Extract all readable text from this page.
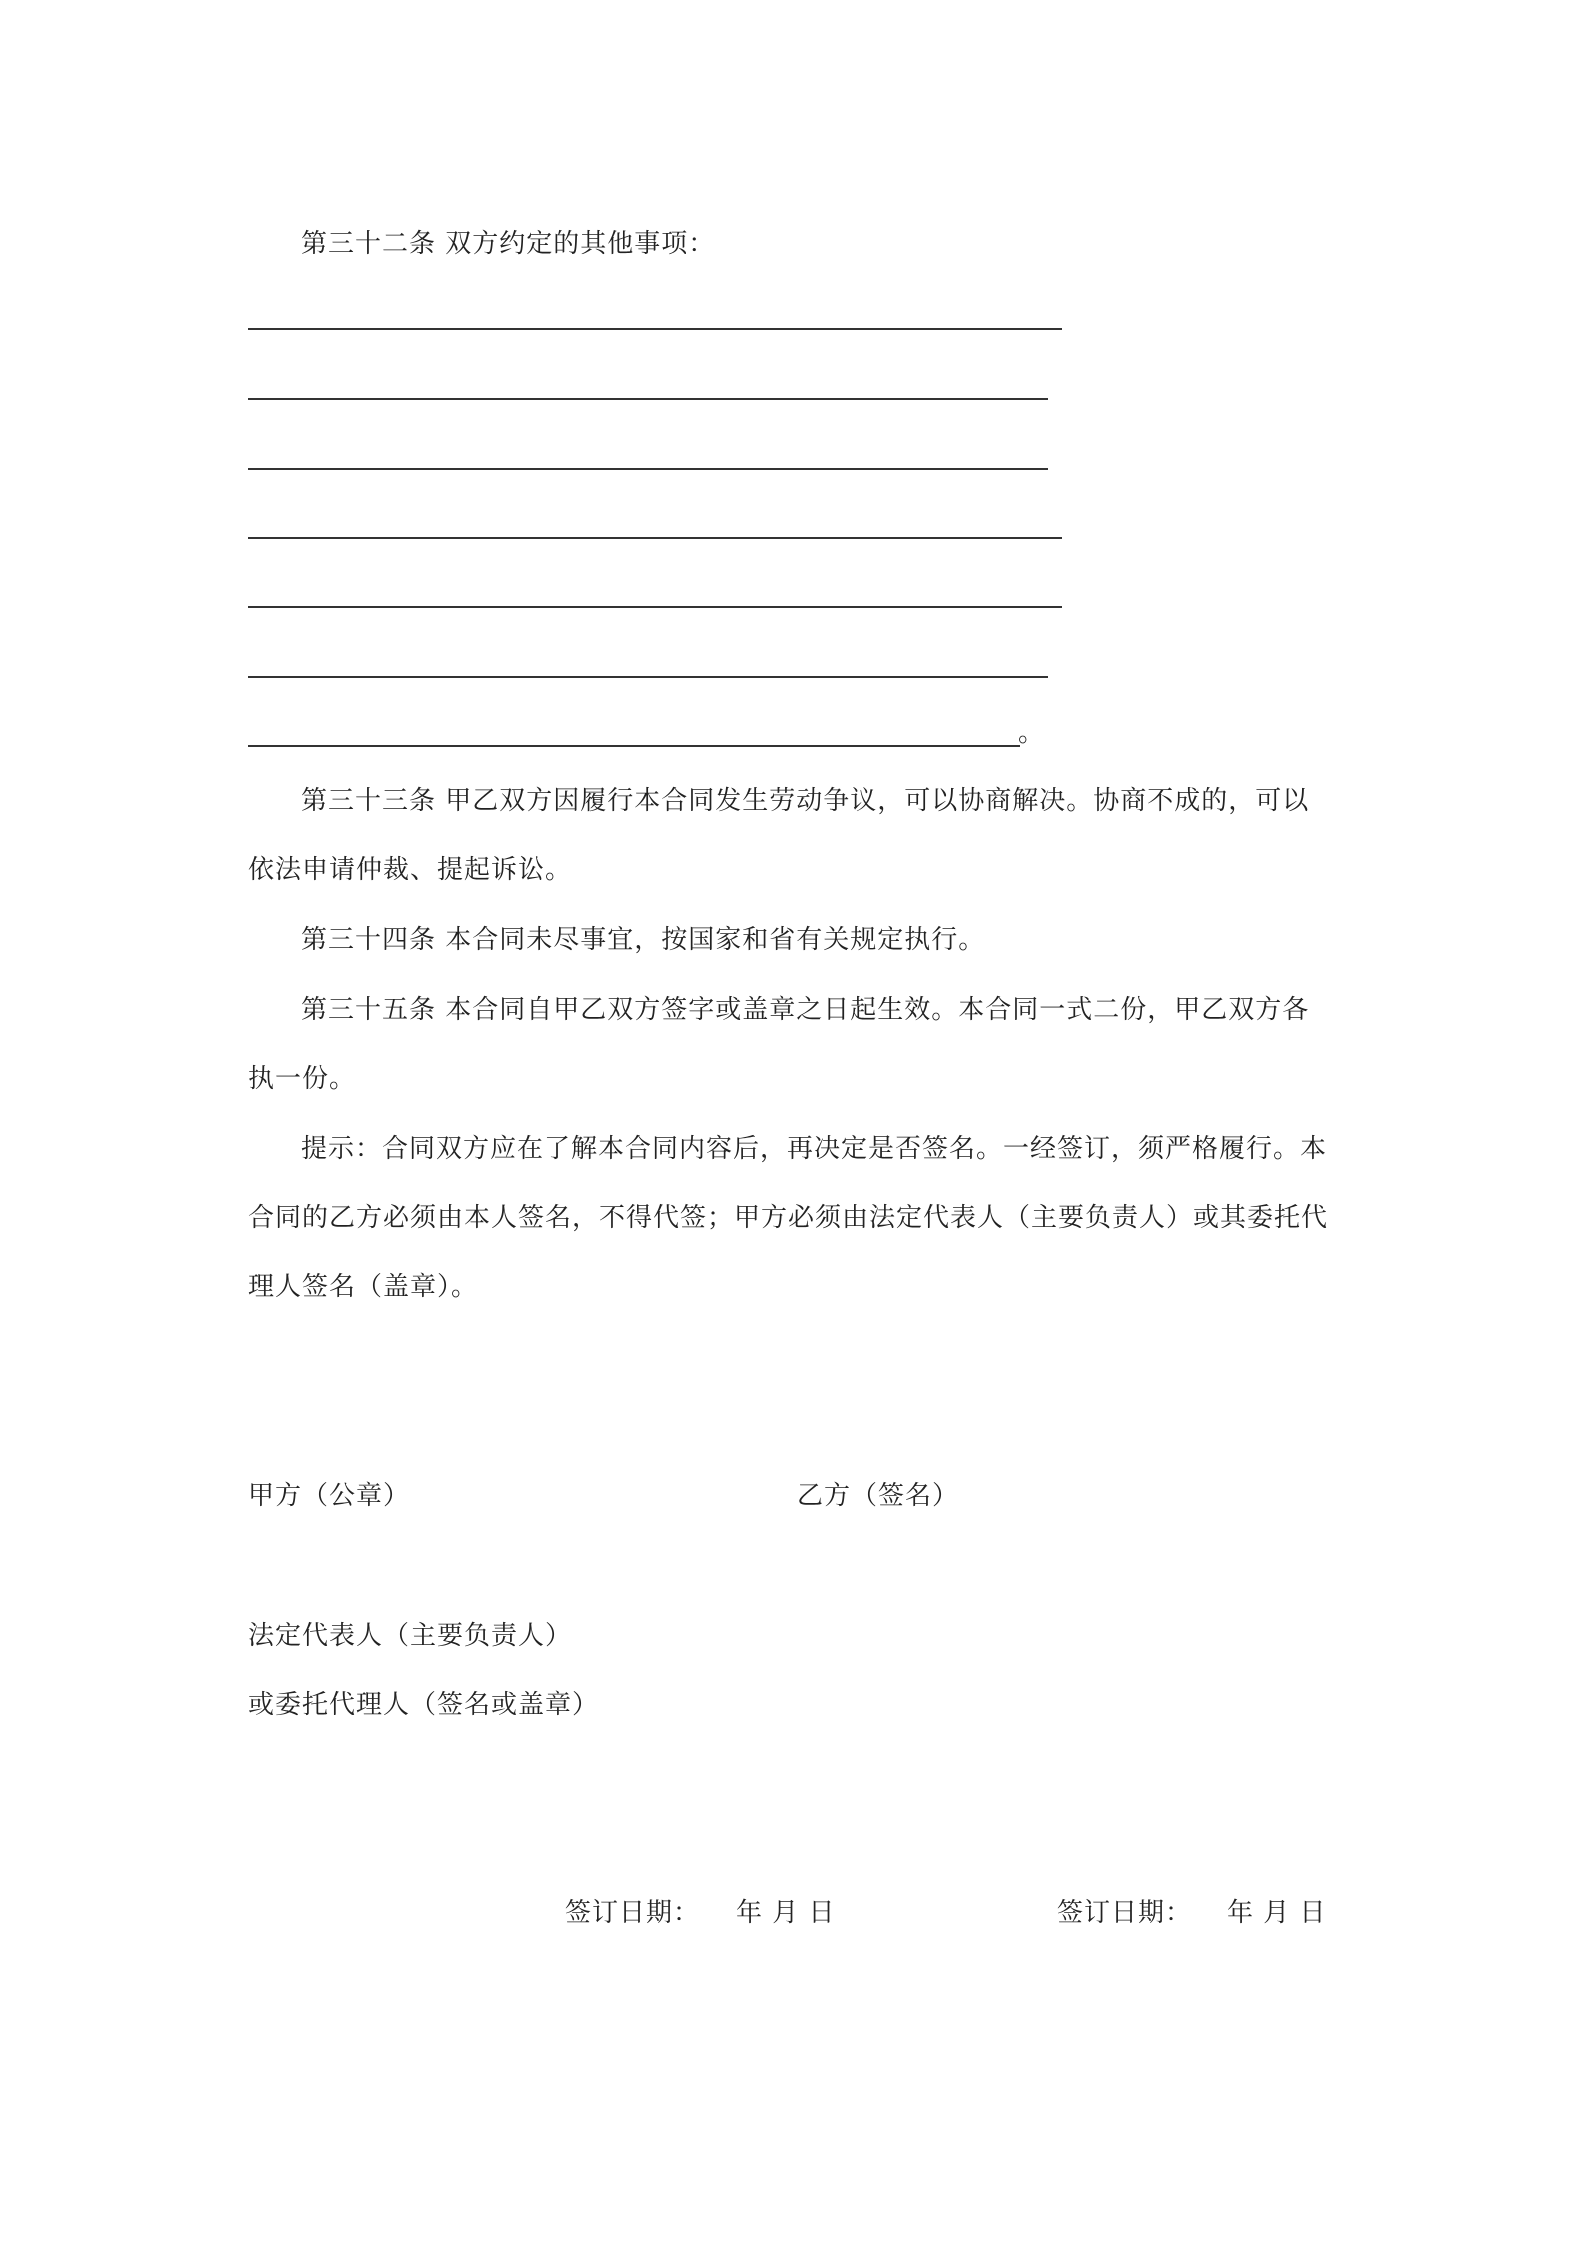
第三十二条 双方约定的其他事项：
。
第三十三条 甲乙双方因履行本合同发生劳动争议，可以协商解决。协商不成的，可以
依法申请仲裁、提起诉讼。
第三十四条 本合同未尽事宜，按国家和省有关规定执行。
第三十五条 本合同自甲乙双方签字或盖章之日起生效。本合同一式二份，甲乙双方各
执一份。
提示：合同双方应在了解本合同内容后，再决定是否签名。一经签订，须严格履行。本
合同的乙方必须由本人签名，不得代签；甲方必须由法定代表人（主要负责人）或其委托代
理人签名（盖章）。
甲方（公章）	乙方（签名）
法定代表人（主要负责人）
或委托代理人（签名或盖章）
签订日期： 年 月 日	签订日期： 年 月 日
